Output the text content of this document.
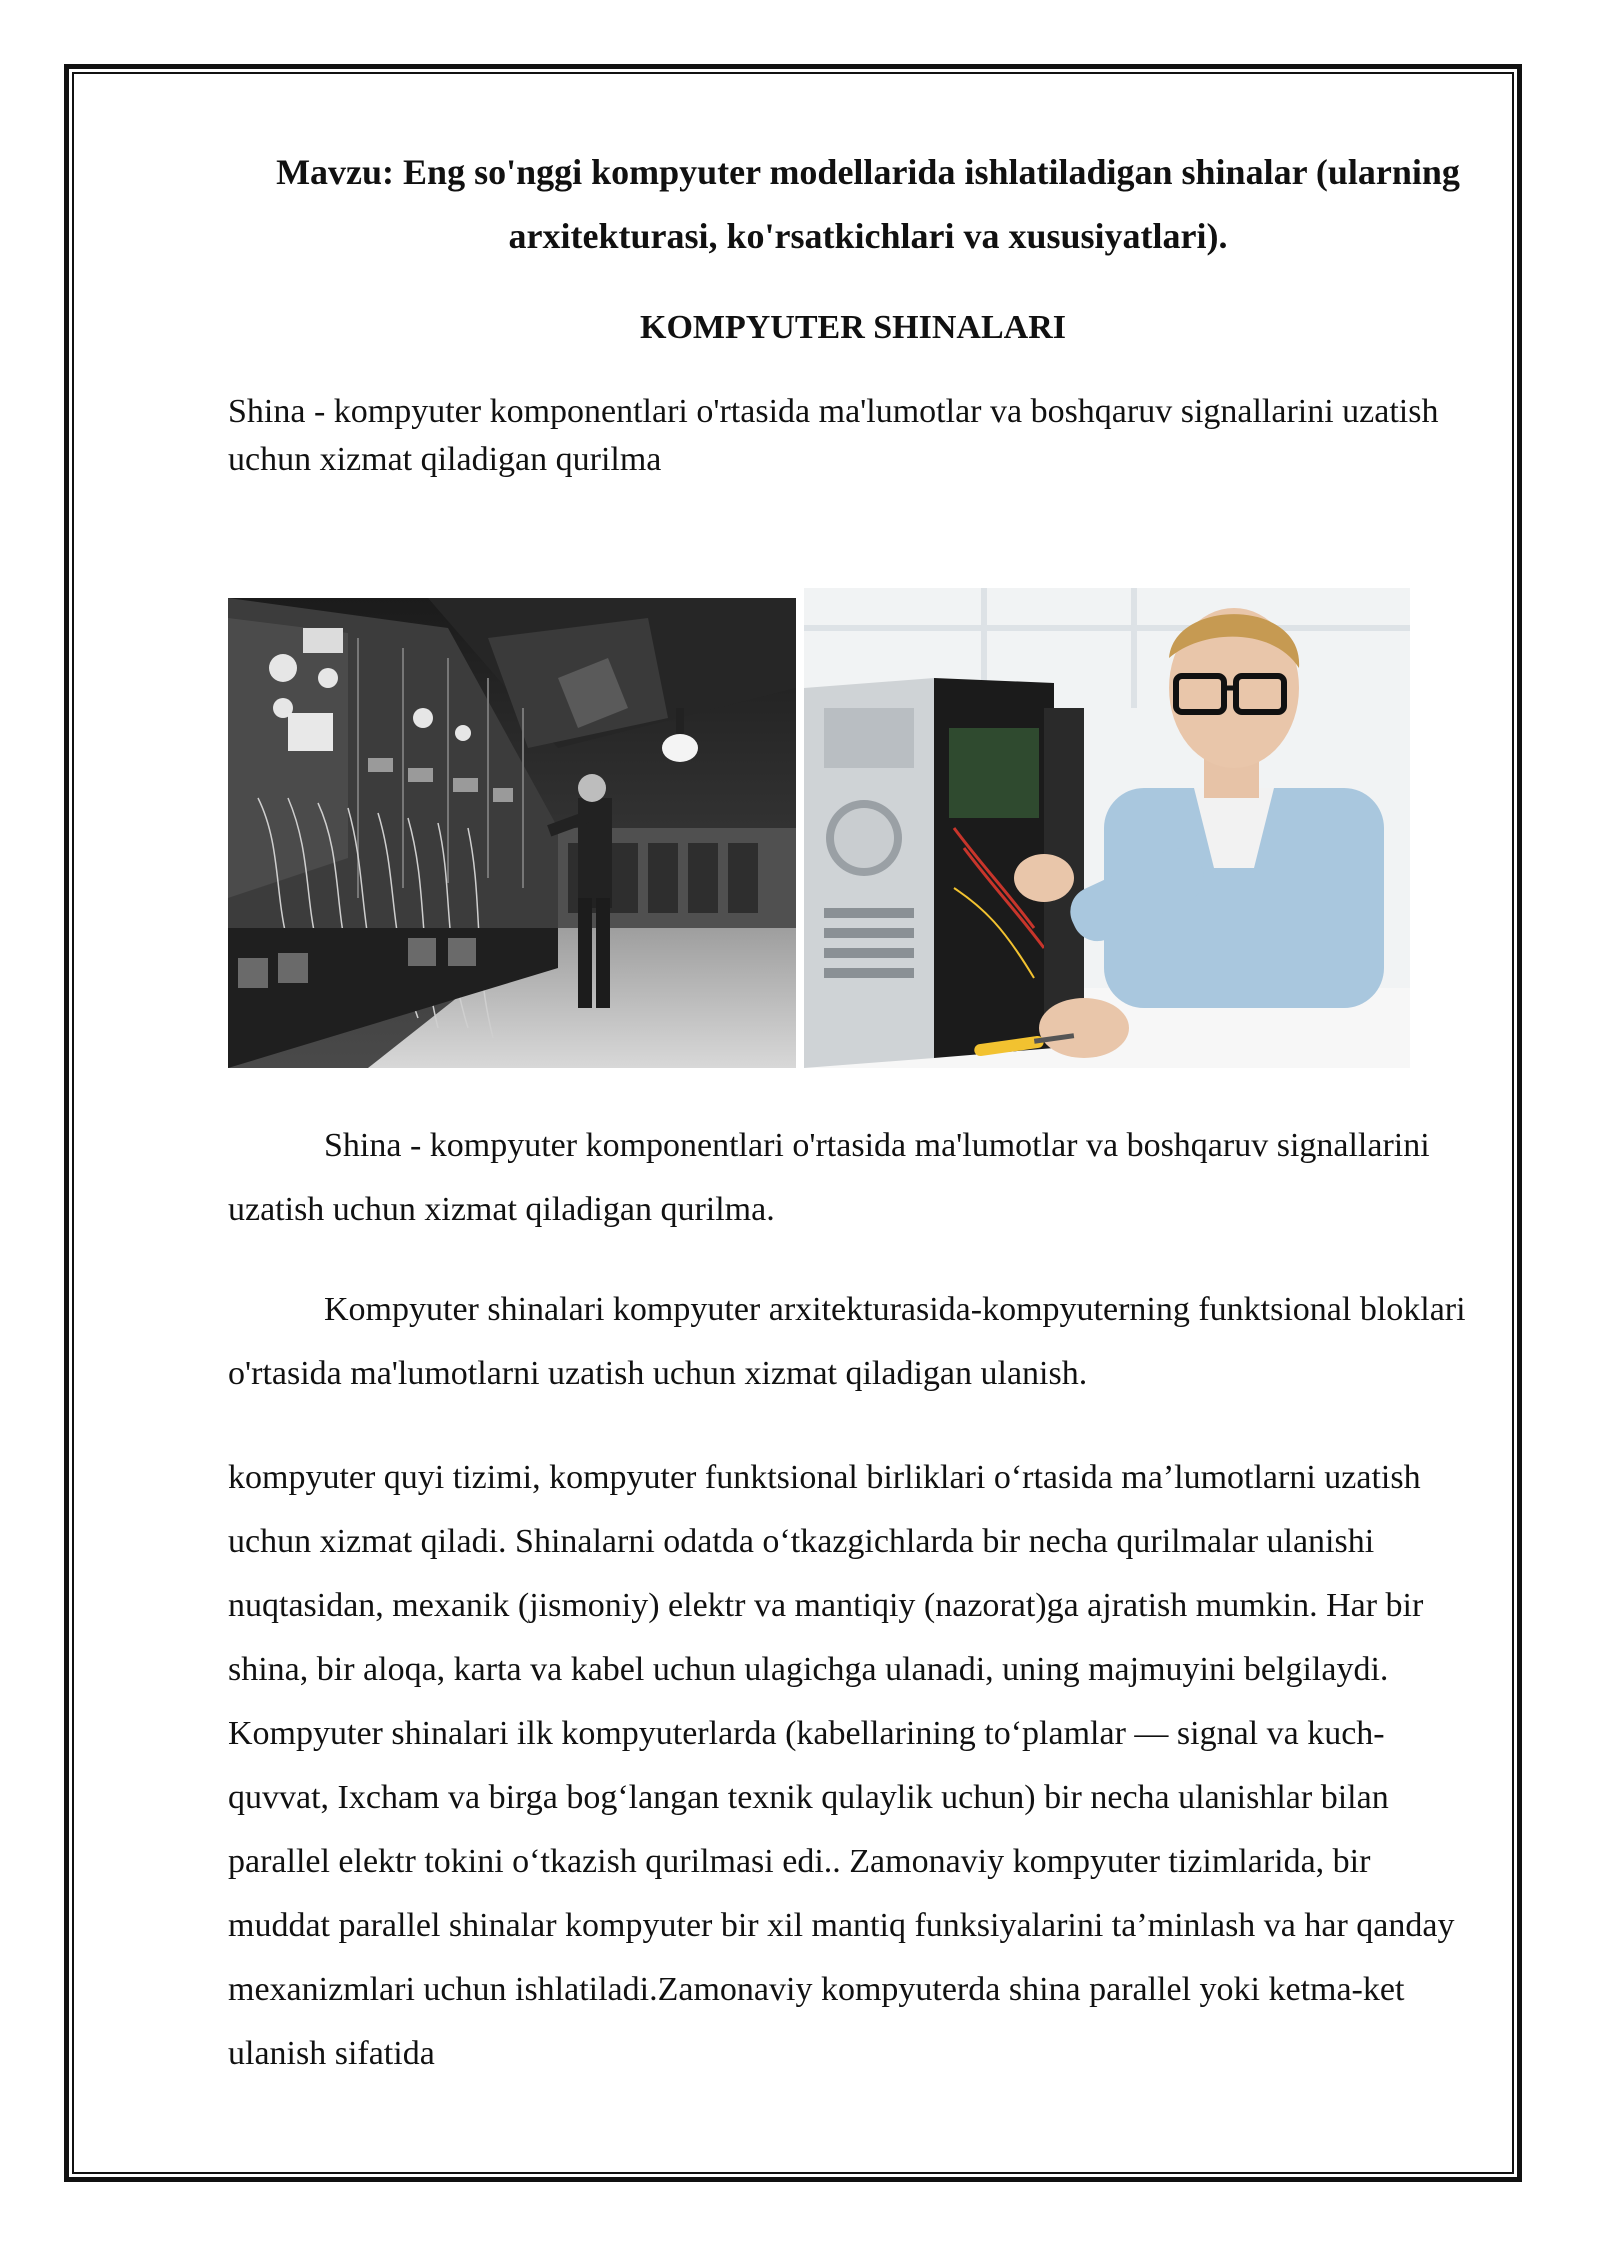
Mavzu: Eng so'nggi kompyuter modellarida ishlatiladigan shinalar (ularning arxitekturasi, ko'rsatkichlari va xususiyatlari).

KOMPYUTER SHINALARI

Shina - kompyuter komponentlari o'rtasida ma'lumotlar va boshqaruv signallarini uzatish uchun xizmat qiladigan qurilma

Shina - kompyuter komponentlari o'rtasida ma'lumotlar va boshqaruv signallarini uzatish uchun xizmat qiladigan qurilma.

Kompyuter shinalari kompyuter arxitekturasida-kompyuterning funktsional bloklari o'rtasida ma'lumotlarni uzatish uchun xizmat qiladigan ulanish.

kompyuter quyi tizimi, kompyuter funktsional birliklari o‘rtasida ma’lumotlarni uzatish uchun xizmat qiladi. Shinalarni odatda o‘tkazgichlarda bir necha qurilmalar ulanishi nuqtasidan, mexanik (jismoniy) elektr va mantiqiy (nazorat)ga ajratish mumkin. Har bir shina, bir aloqa, karta va kabel uchun ulagichga ulanadi, uning majmuyini belgilaydi. Kompyuter shinalari ilk kompyuterlarda (kabellarining to‘plamlar — signal va kuch-quvvat, Ixcham va birga bog‘langan texnik qulaylik uchun) bir necha ulanishlar bilan parallel elektr tokini o‘tkazish qurilmasi edi.. Zamonaviy kompyuter tizimlarida, bir muddat parallel shinalar kompyuter bir xil mantiq funksiyalarini ta’minlash va har qanday mexanizmlari uchun ishlatiladi.Zamonaviy kompyuterda shina parallel yoki ketma-ket ulanish sifatida
